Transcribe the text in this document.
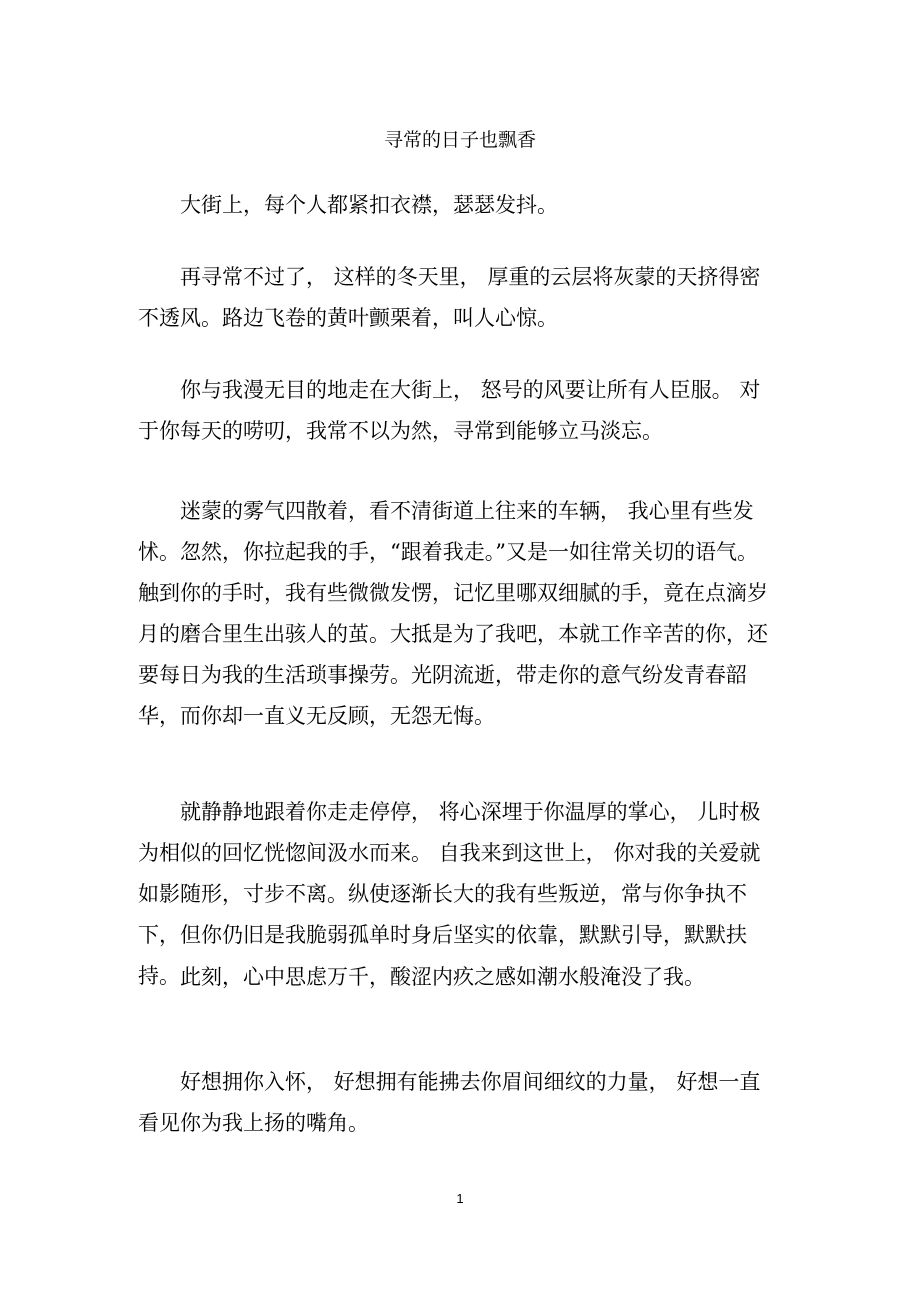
寻常的日子也飘香

大街上，每个人都紧扣衣襟，瑟瑟发抖。

再寻常不过了， 这样的冬天里， 厚重的云层将灰蒙的天挤得密不透风。路边飞卷的黄叶颤栗着，叫人心惊。

你与我漫无目的地走在大街上， 怒号的风要让所有人臣服。 对于你每天的唠叨，我常不以为然，寻常到能够立马淡忘。

迷蒙的雾气四散着，看不清街道上往来的车辆， 我心里有些发怵。忽然，你拉起我的手，“跟着我走。”又是一如往常关切的语气。触到你的手时，我有些微微发愣，记忆里哪双细腻的手，竟在点滴岁月的磨合里生出骇人的茧。大抵是为了我吧，本就工作辛苦的你，还要每日为我的生活琐事操劳。光阴流逝，带走你的意气纷发青春韶华，而你却一直义无反顾，无怨无悔。

就静静地跟着你走走停停， 将心深埋于你温厚的掌心， 儿时极为相似的回忆恍惚间汲水而来。 自我来到这世上， 你对我的关爱就如影随形，寸步不离。纵使逐渐长大的我有些叛逆，常与你争执不下，但你仍旧是我脆弱孤单时身后坚实的依靠，默默引导，默默扶持。 此刻，心中思虑万千，酸涩内疚之感如潮水般淹没了我。

好想拥你入怀， 好想拥有能拂去你眉间细纹的力量， 好想一直看见你为我上扬的嘴角。

1
